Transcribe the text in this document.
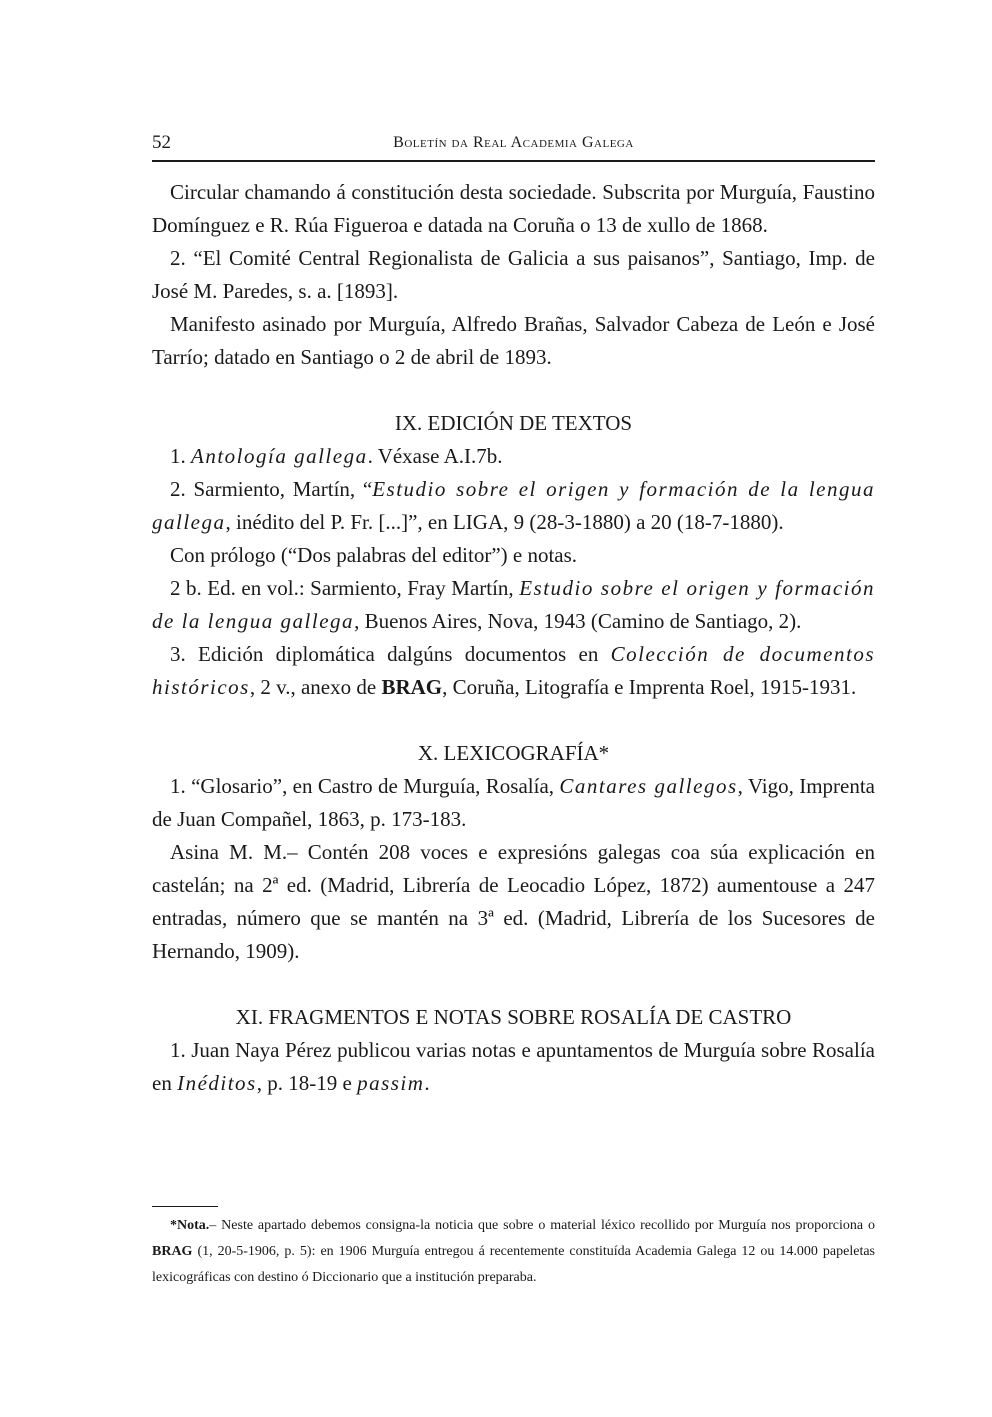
52	Boletín da Real Academia Galega

Circular chamando á constitución desta sociedade. Subscrita por Murguía, Faustino Domínguez e R. Rúa Figueroa e datada na Coruña o 13 de xullo de 1868.

2. “El Comité Central Regionalista de Galicia a sus paisanos”, Santiago, Imp. de José M. Paredes, s. a. [1893].

Manifesto asinado por Murguía, Alfredo Brañas, Salvador Cabeza de León e José Tarrío; datado en Santiago o 2 de abril de 1893.

IX. EDICIÓN DE TEXTOS

1. Antología gallega. Véxase A.I.7b.

2. Sarmiento, Martín, “Estudio sobre el origen y formación de la lengua gallega, inédito del P. Fr. [...]”, en LIGA, 9 (28-3-1880) a 20 (18-7-1880).

Con prólogo (“Dos palabras del editor”) e notas.

2 b. Ed. en vol.: Sarmiento, Fray Martín, Estudio sobre el origen y formación de la lengua gallega, Buenos Aires, Nova, 1943 (Camino de Santiago, 2).

3. Edición diplomática dalgúns documentos en Colección de documentos históricos, 2 v., anexo de BRAG, Coruña, Litografía e Imprenta Roel, 1915-1931.

X. LEXICOGRAFÍA*

1. “Glosario”, en Castro de Murguía, Rosalía, Cantares gallegos, Vigo, Imprenta de Juan Compañel, 1863, p. 173-183.

Asina M. M.– Contén 208 voces e expresións galegas coa súa explicación en castelán; na 2ª ed. (Madrid, Librería de Leocadio López, 1872) aumentouse a 247 entradas, número que se mantén na 3ª ed. (Madrid, Librería de los Sucesores de Hernando, 1909).

XI. FRAGMENTOS E NOTAS SOBRE ROSALÍA DE CASTRO

1. Juan Naya Pérez publicou varias notas e apuntamentos de Murguía sobre Rosalía en Inéditos, p. 18-19 e passim.

*Nota.– Neste apartado debemos consigna-la noticia que sobre o material léxico recollido por Murguía nos proporciona o BRAG (1, 20-5-1906, p. 5): en 1906 Murguía entregou á recentemente constituída Academia Galega 12 ou 14.000 papeletas lexicográficas con destino ó Diccionario que a institución preparaba.
